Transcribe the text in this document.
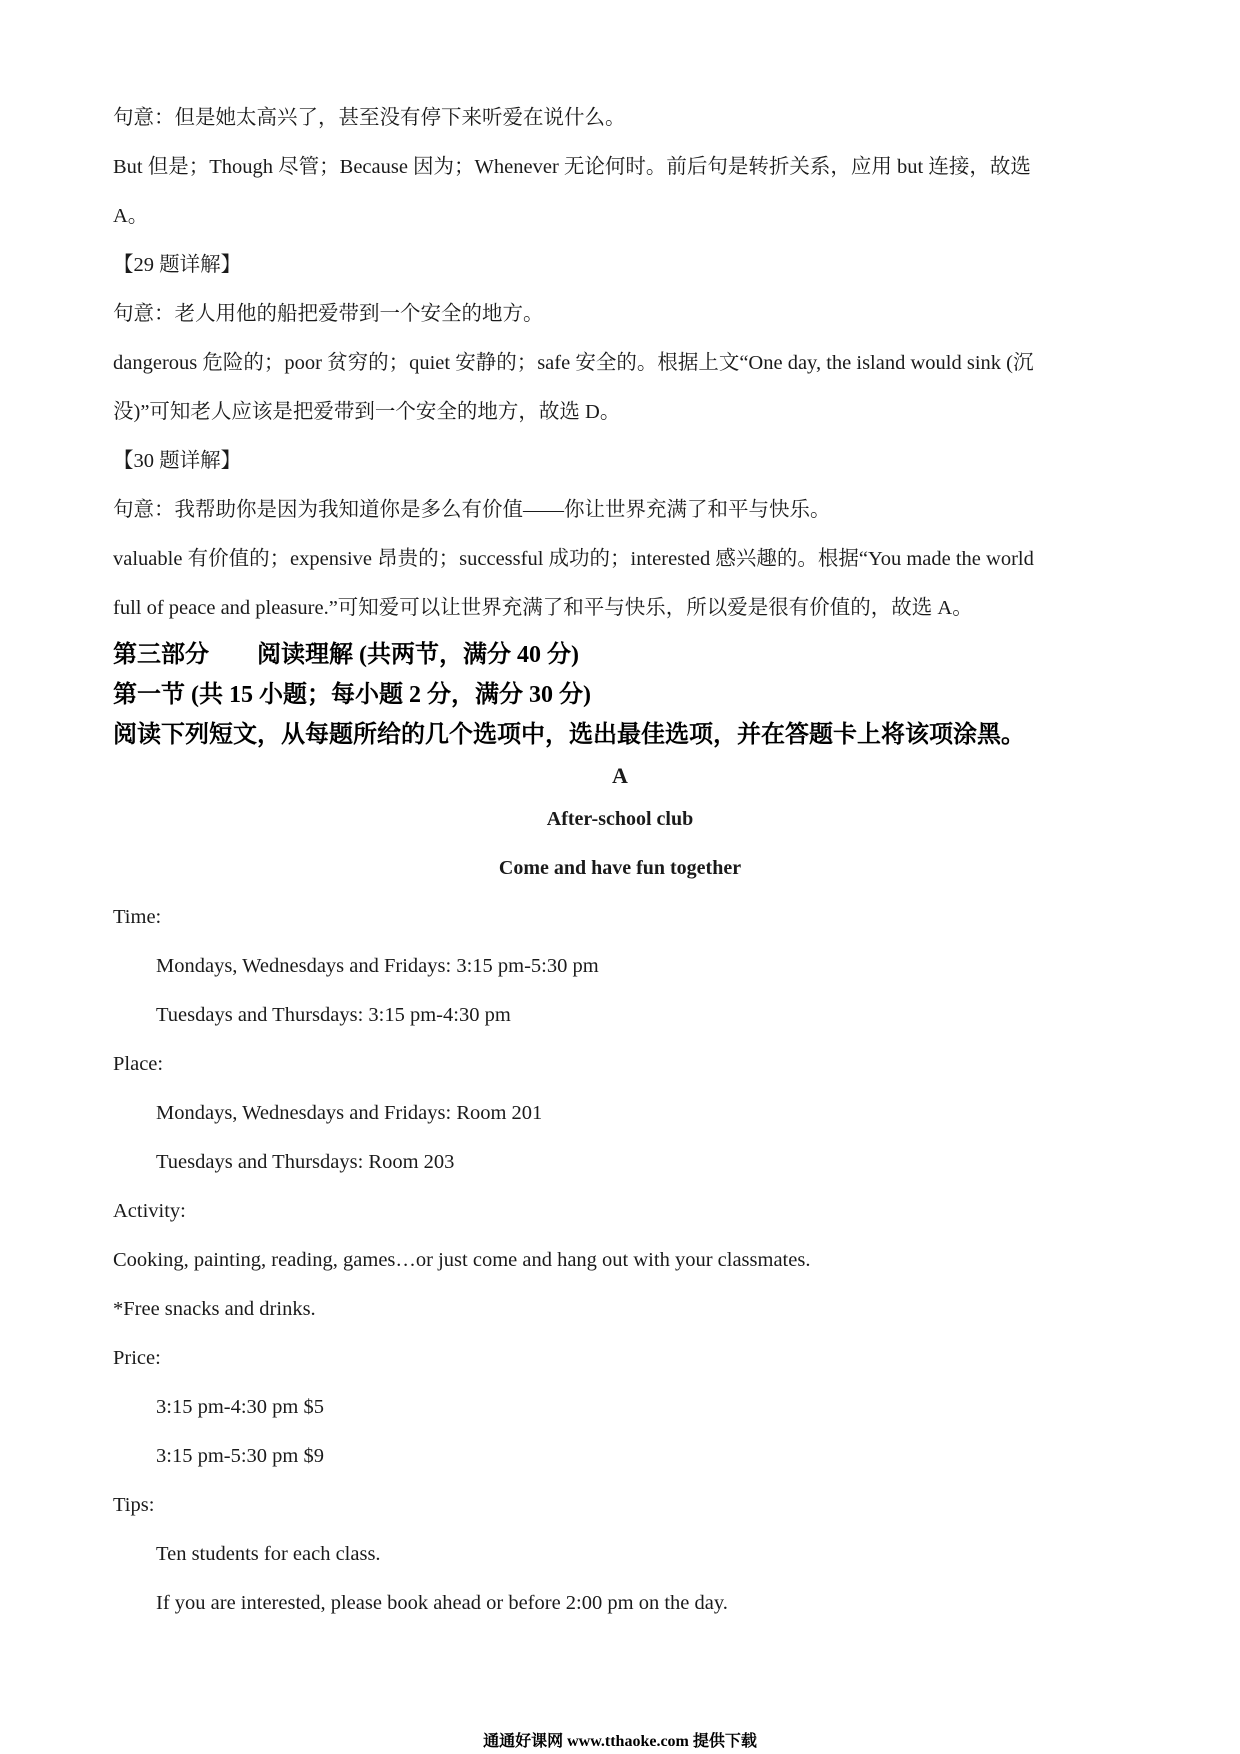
句意：但是她太高兴了，甚至没有停下来听爱在说什么。
But 但是；Though 尽管；Because 因为；Whenever 无论何时。前后句是转折关系，应用 but 连接，故选
A。
【29 题详解】
句意：老人用他的船把爱带到一个安全的地方。
dangerous 危险的；poor 贫穷的；quiet 安静的；safe 安全的。根据上文“One day, the island would sink (沉
没)”可知老人应该是把爱带到一个安全的地方，故选 D。
【30 题详解】
句意：我帮助你是因为我知道你是多么有价值——你让世界充满了和平与快乐。
valuable 有价值的；expensive 昂贵的；successful 成功的；interested 感兴趣的。根据“You made the world
full of peace and pleasure.”可知爱可以让世界充满了和平与快乐，所以爱是很有价值的，故选 A。
第三部分 阅读理解 (共两节，满分 40 分)
第一节 (共 15 小题；每小题 2 分，满分 30 分)
阅读下列短文，从每题所给的几个选项中，选出最佳选项，并在答题卡上将该项涂黑。
A
After-school club
Come and have fun together
Time:
Mondays, Wednesdays and Fridays: 3:15 pm-5:30 pm
Tuesdays and Thursdays: 3:15 pm-4:30 pm
Place:
Mondays, Wednesdays and Fridays: Room 201
Tuesdays and Thursdays: Room 203
Activity:
Cooking, painting, reading, games…or just come and hang out with your classmates.
*Free snacks and drinks.
Price:
3:15 pm-4:30 pm $5
3:15 pm-5:30 pm $9
Tips:
Ten students for each class.
If you are interested, please book ahead or before 2:00 pm on the day.
通通好课网 www.tthaoke.com 提供下载
